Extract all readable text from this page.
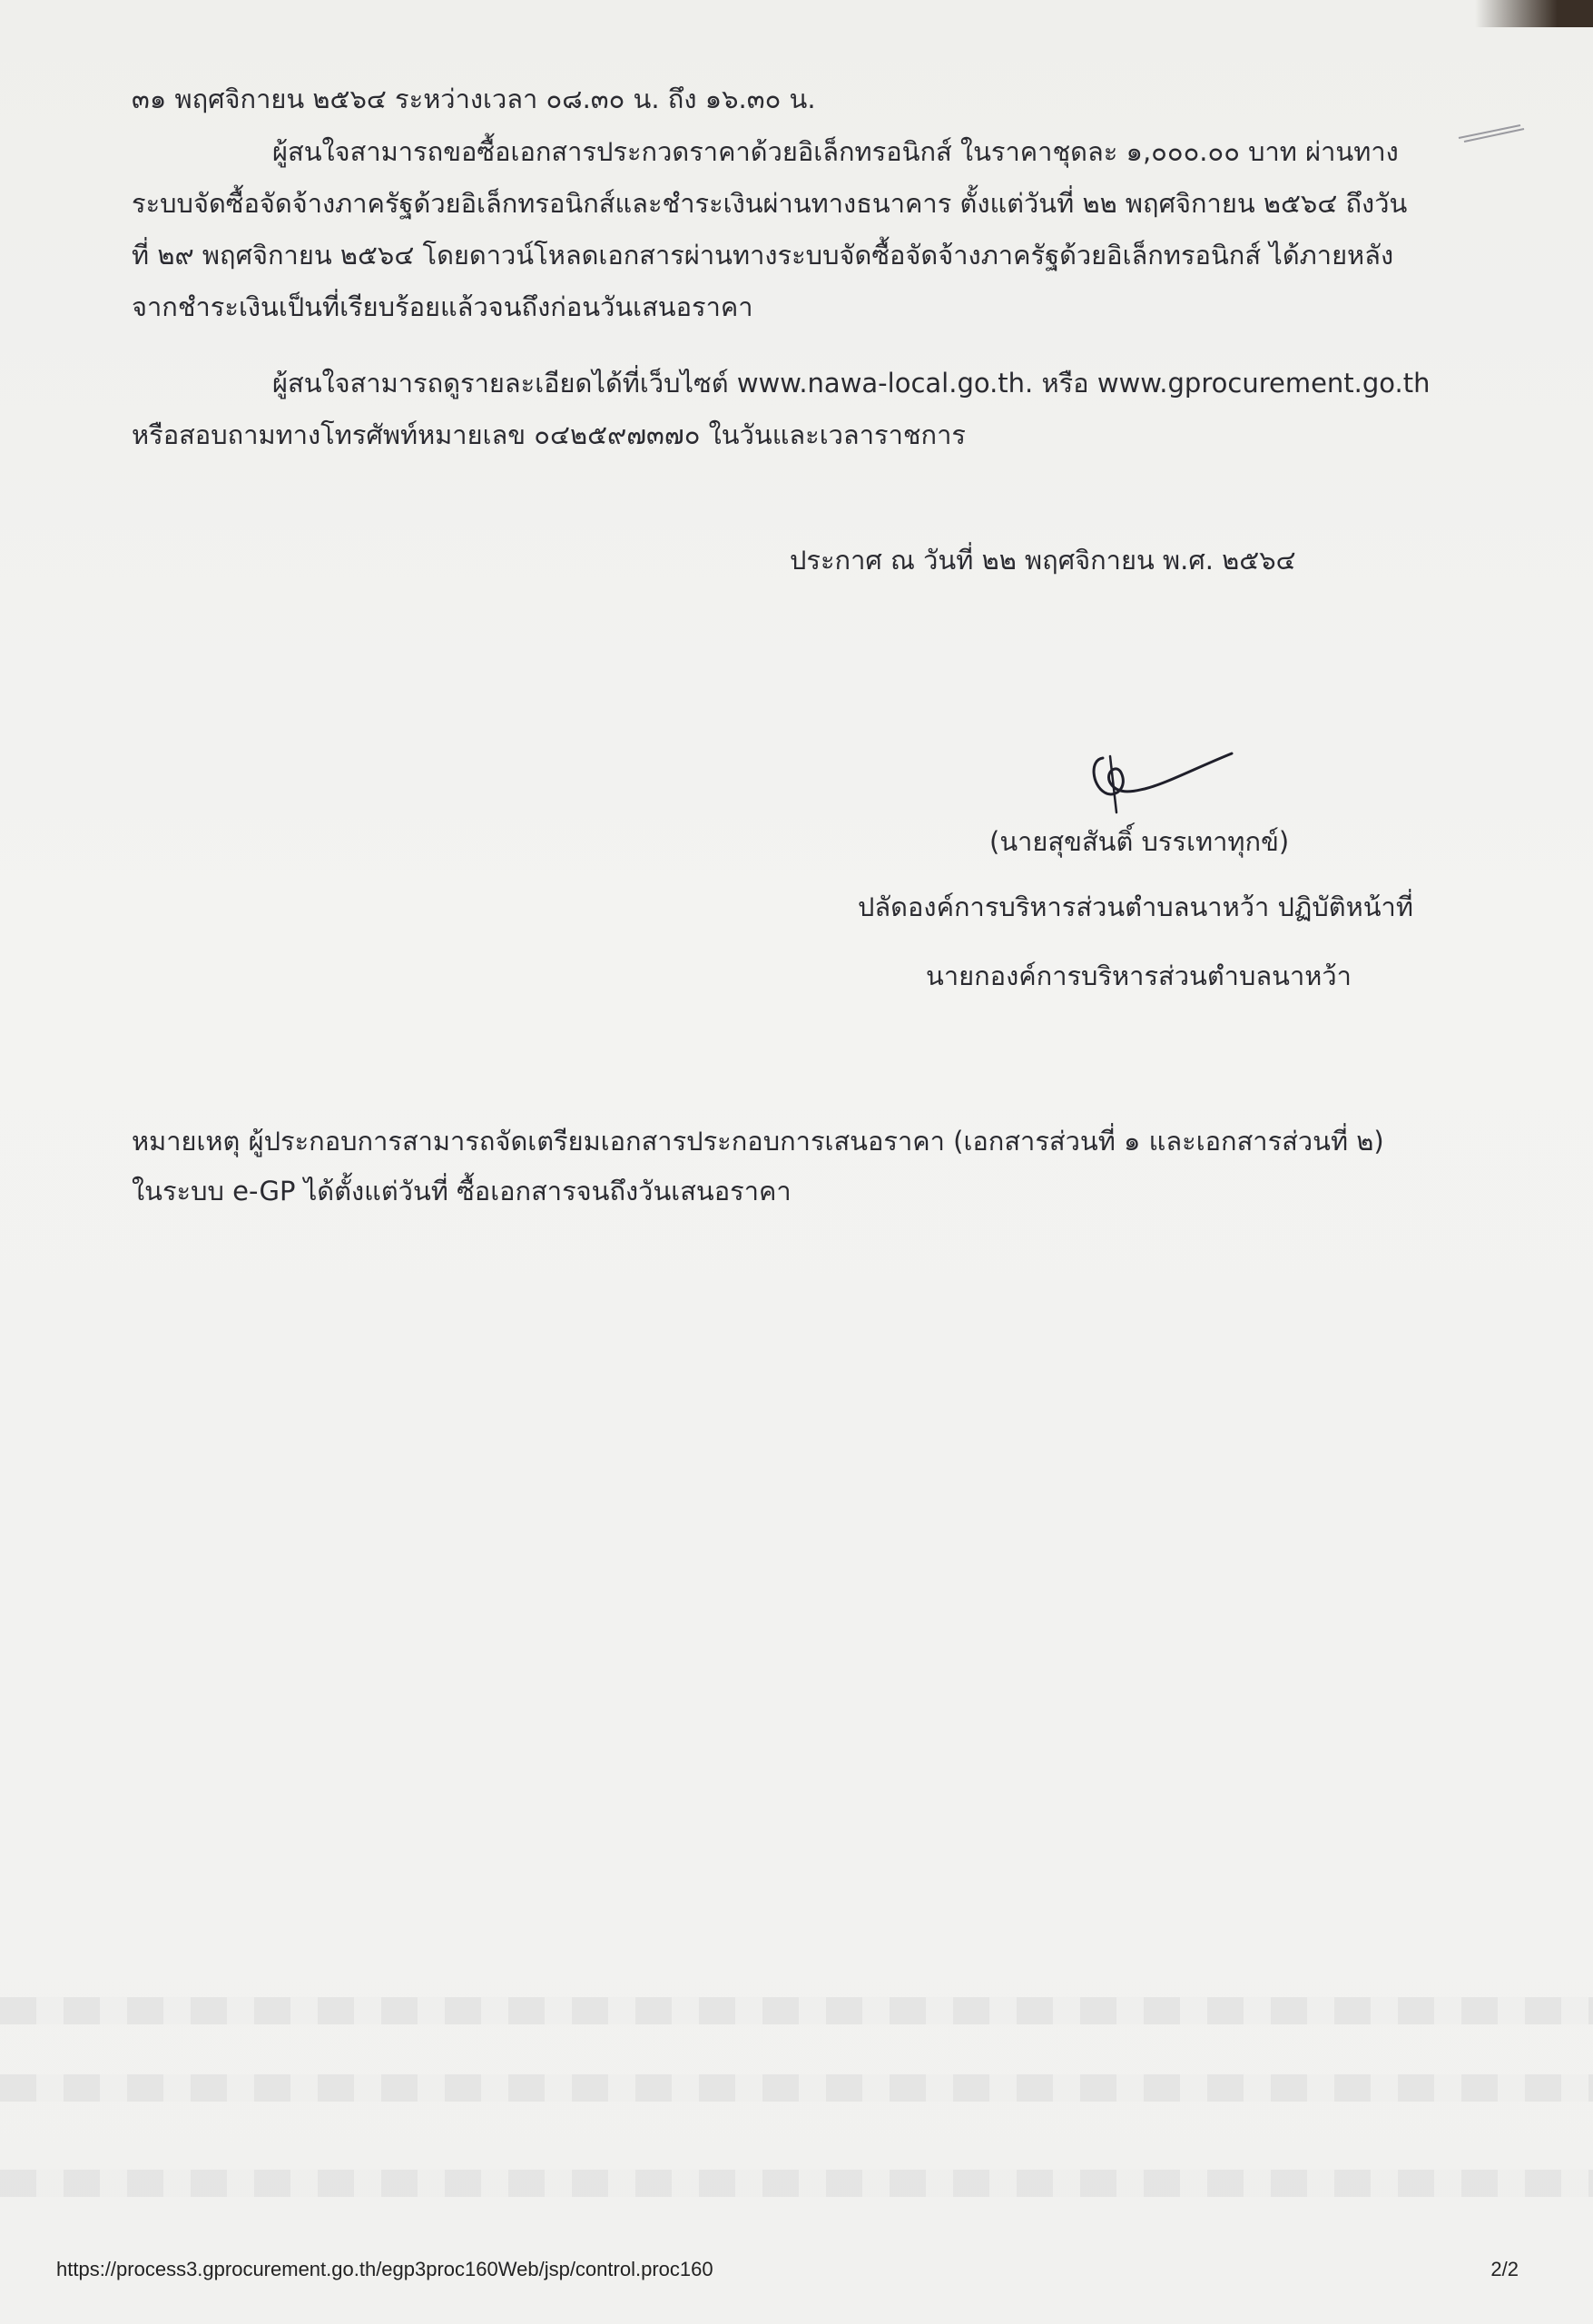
๓๑ พฤศจิกายน ๒๕๖๔ ระหว่างเวลา ๐๘.๓๐ น. ถึง ๑๖.๓๐ น.
ผู้สนใจสามารถขอซื้อเอกสารประกวดราคาด้วยอิเล็กทรอนิกส์ ในราคาชุดละ ๑,๐๐๐.๐๐ บาท ผ่านทาง
ระบบจัดซื้อจัดจ้างภาครัฐด้วยอิเล็กทรอนิกส์และชำระเงินผ่านทางธนาคาร ตั้งแต่วันที่ ๒๒ พฤศจิกายน ๒๕๖๔ ถึงวัน
ที่ ๒๙ พฤศจิกายน ๒๕๖๔ โดยดาวน์โหลดเอกสารผ่านทางระบบจัดซื้อจัดจ้างภาครัฐด้วยอิเล็กทรอนิกส์ ได้ภายหลัง
จากชำระเงินเป็นที่เรียบร้อยแล้วจนถึงก่อนวันเสนอราคา
ผู้สนใจสามารถดูรายละเอียดได้ที่เว็บไซต์ www.nawa-local.go.th. หรือ www.gprocurement.go.th
หรือสอบถามทางโทรศัพท์หมายเลข ๐๔๒๕๙๗๓๗๐ ในวันและเวลาราชการ
ประกาศ ณ วันที่ ๒๒ พฤศจิกายน พ.ศ. ๒๕๖๔
(นายสุขสันติ์ บรรเทาทุกข์)
ปลัดองค์การบริหารส่วนตำบลนาหว้า ปฏิบัติหน้าที่
นายกองค์การบริหารส่วนตำบลนาหว้า
หมายเหตุ ผู้ประกอบการสามารถจัดเตรียมเอกสารประกอบการเสนอราคา (เอกสารส่วนที่ ๑ และเอกสารส่วนที่ ๒)
ในระบบ e-GP ได้ตั้งแต่วันที่ ซื้อเอกสารจนถึงวันเสนอราคา
https://process3.gprocurement.go.th/egp3proc160Web/jsp/control.proc160	2/2
